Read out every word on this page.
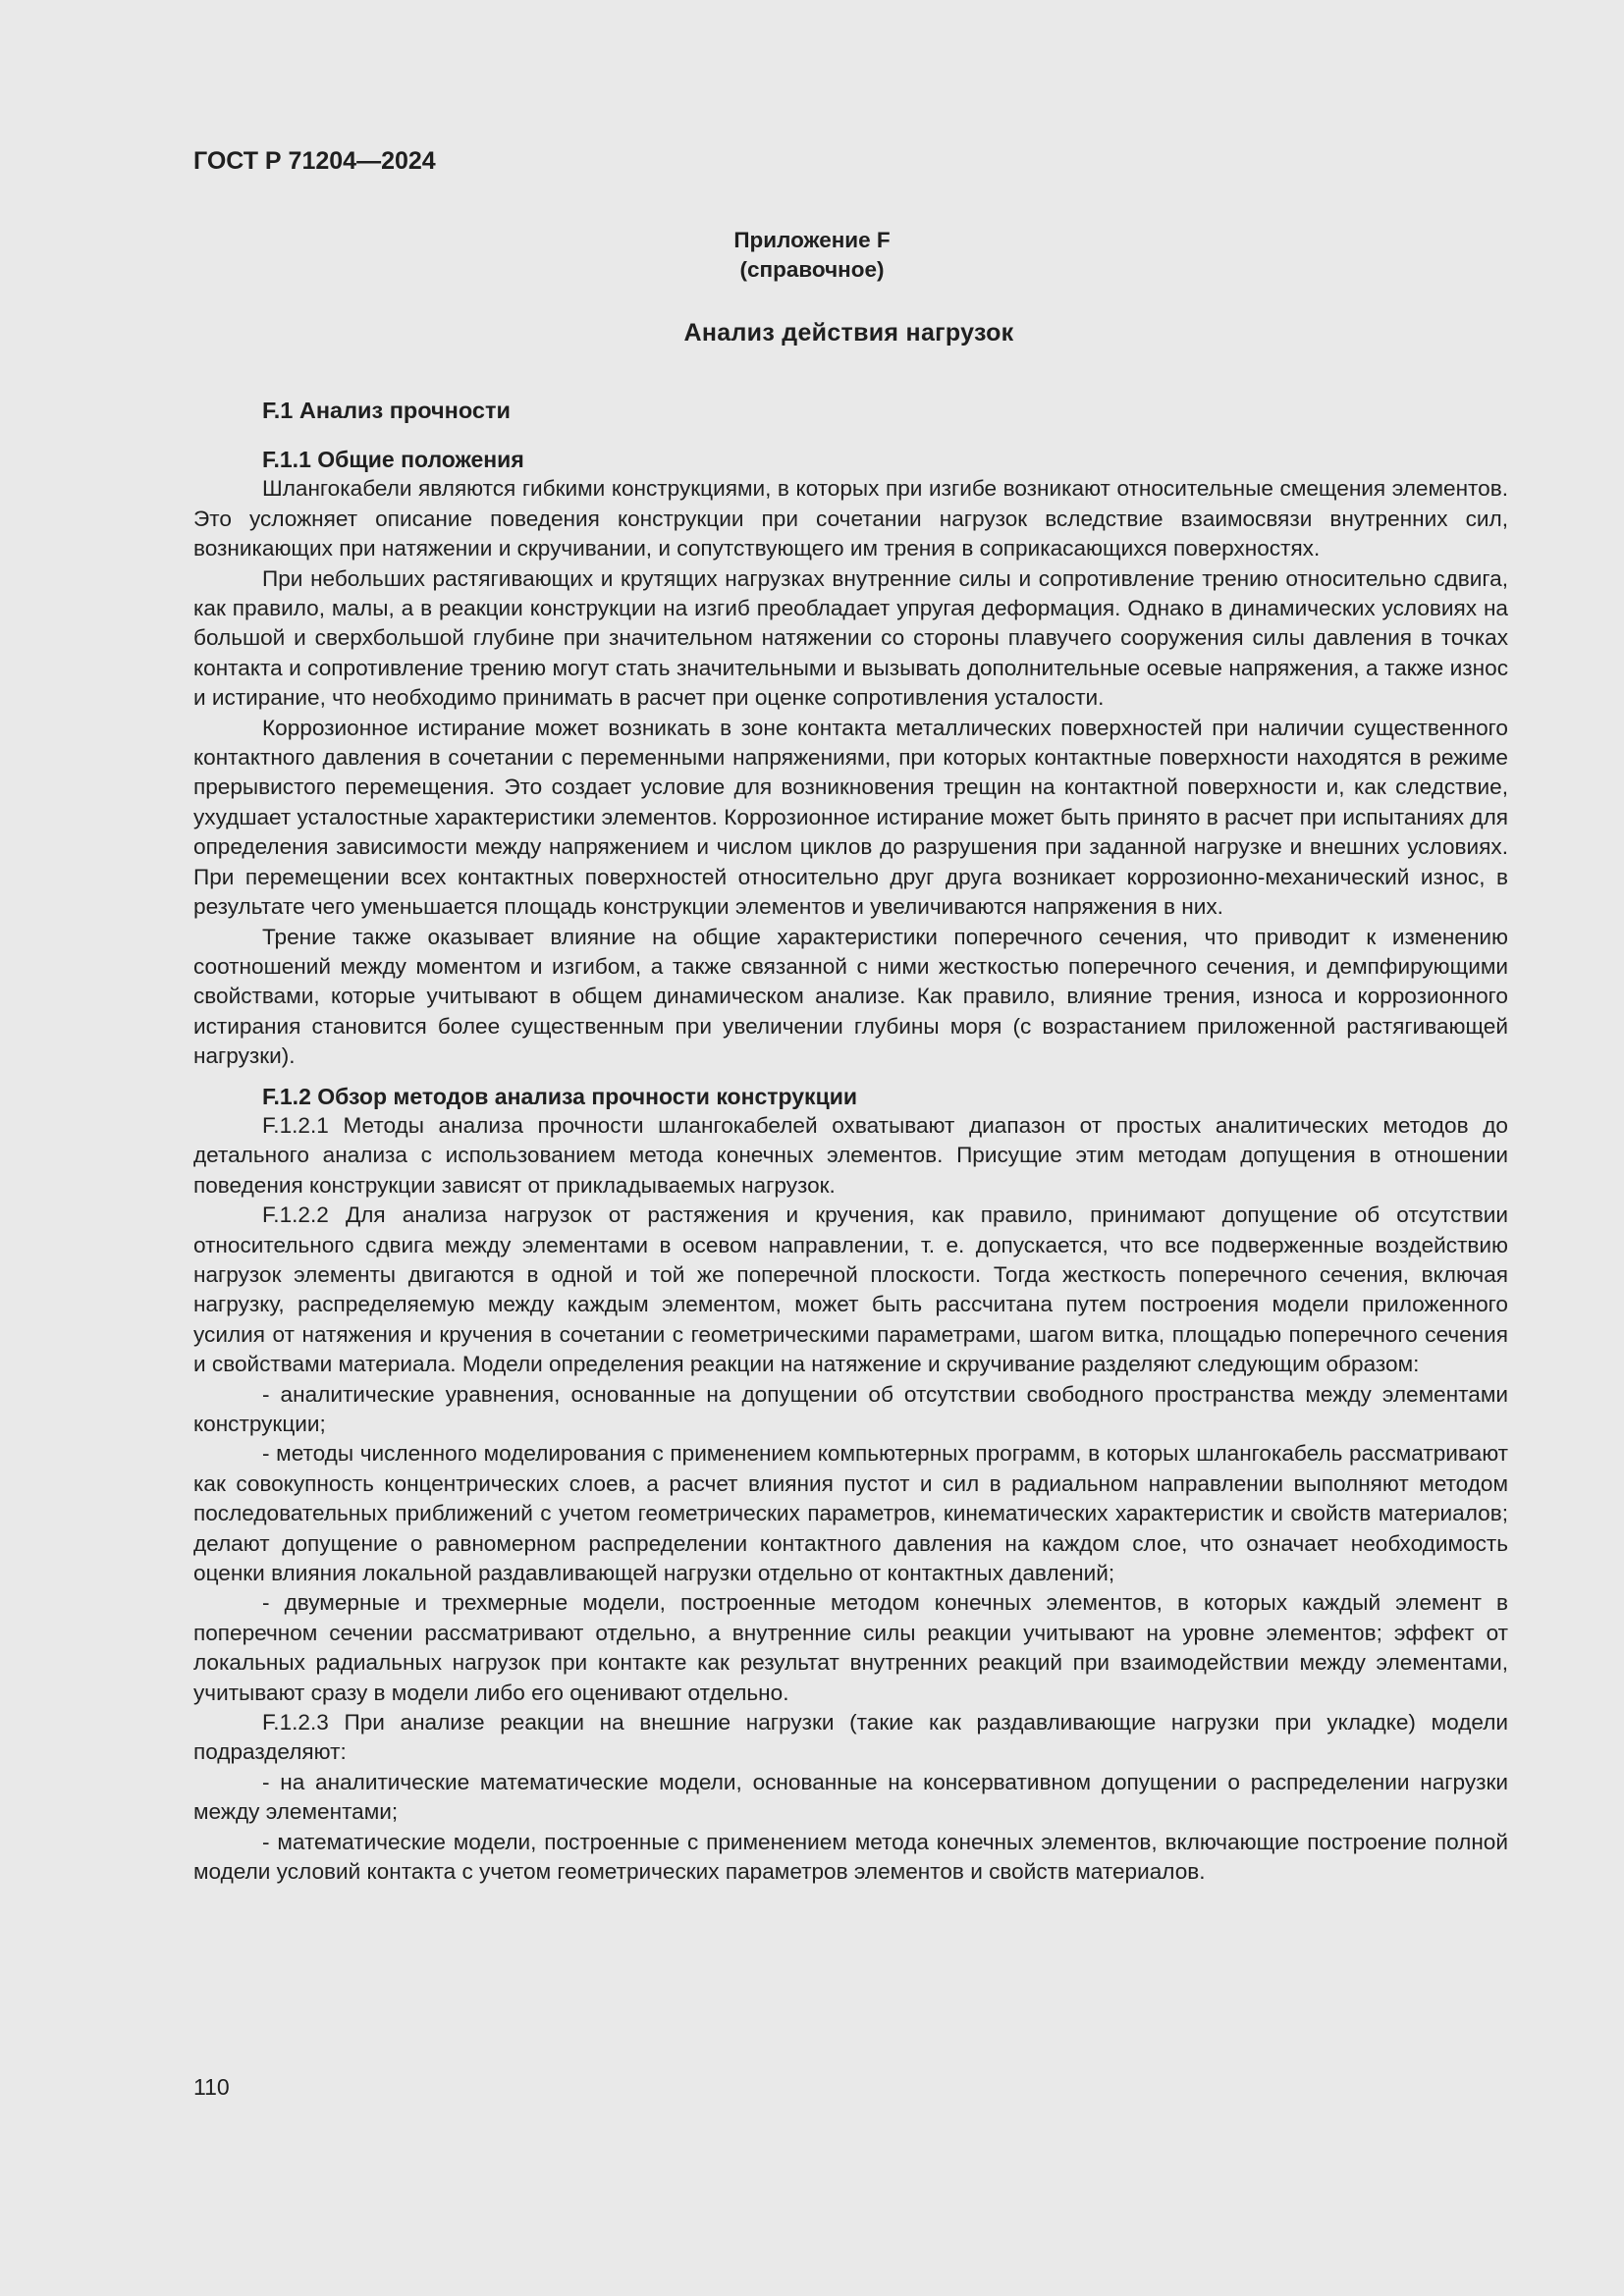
ГОСТ Р 71204—2024
Приложение F
(справочное)
Анализ действия нагрузок
F.1 Анализ прочности
F.1.1 Общие положения

Шлангокабели являются гибкими конструкциями, в которых при изгибе возникают относительные смещения элементов. Это усложняет описание поведения конструкции при сочетании нагрузок вследствие взаимосвязи внутренних сил, возникающих при натяжении и скручивании, и сопутствующего им трения в соприкасающихся поверхностях.

При небольших растягивающих и крутящих нагрузках внутренние силы и сопротивление трению относительно сдвига, как правило, малы, а в реакции конструкции на изгиб преобладает упругая деформация. Однако в динамических условиях на большой и сверхбольшой глубине при значительном натяжении со стороны плавучего сооружения силы давления в точках контакта и сопротивление трению могут стать значительными и вызывать дополнительные осевые напряжения, а также износ и истирание, что необходимо принимать в расчет при оценке сопротивления усталости.

Коррозионное истирание может возникать в зоне контакта металлических поверхностей при наличии существенного контактного давления в сочетании с переменными напряжениями, при которых контактные поверхности находятся в режиме прерывистого перемещения. Это создает условие для возникновения трещин на контактной поверхности и, как следствие, ухудшает усталостные характеристики элементов. Коррозионное истирание может быть принято в расчет при испытаниях для определения зависимости между напряжением и числом циклов до разрушения при заданной нагрузке и внешних условиях. При перемещении всех контактных поверхностей относительно друг друга возникает коррозионно-механический износ, в результате чего уменьшается площадь конструкции элементов и увеличиваются напряжения в них.

Трение также оказывает влияние на общие характеристики поперечного сечения, что приводит к изменению соотношений между моментом и изгибом, а также связанной с ними жесткостью поперечного сечения, и демпфирующими свойствами, которые учитывают в общем динамическом анализе. Как правило, влияние трения, износа и коррозионного истирания становится более существенным при увеличении глубины моря (с возрастанием приложенной растягивающей нагрузки).

F.1.2 Обзор методов анализа прочности конструкции

F.1.2.1 Методы анализа прочности шлангокабелей охватывают диапазон от простых аналитических методов до детального анализа с использованием метода конечных элементов. Присущие этим методам допущения в отношении поведения конструкции зависят от прикладываемых нагрузок.

F.1.2.2 Для анализа нагрузок от растяжения и кручения, как правило, принимают допущение об отсутствии относительного сдвига между элементами в осевом направлении, т. е. допускается, что все подверженные воздействию нагрузок элементы двигаются в одной и той же поперечной плоскости. Тогда жесткость поперечного сечения, включая нагрузку, распределяемую между каждым элементом, может быть рассчитана путем построения модели приложенного усилия от натяжения и кручения в сочетании с геометрическими параметрами, шагом витка, площадью поперечного сечения и свойствами материала. Модели определения реакции на натяжение и скручивание разделяют следующим образом:

- аналитические уравнения, основанные на допущении об отсутствии свободного пространства между элементами конструкции;

- методы численного моделирования с применением компьютерных программ, в которых шлангокабель рассматривают как совокупность концентрических слоев, а расчет влияния пустот и сил в радиальном направлении выполняют методом последовательных приближений с учетом геометрических параметров, кинематических характеристик и свойств материалов; делают допущение о равномерном распределении контактного давления на каждом слое, что означает необходимость оценки влияния локальной раздавливающей нагрузки отдельно от контактных давлений;

- двумерные и трехмерные модели, построенные методом конечных элементов, в которых каждый элемент в поперечном сечении рассматривают отдельно, а внутренние силы реакции учитывают на уровне элементов; эффект от локальных радиальных нагрузок при контакте как результат внутренних реакций при взаимодействии между элементами, учитывают сразу в модели либо его оценивают отдельно.

F.1.2.3 При анализе реакции на внешние нагрузки (такие как раздавливающие нагрузки при укладке) модели подразделяют:

- на аналитические математические модели, основанные на консервативном допущении о распределении нагрузки между элементами;

- математические модели, построенные с применением метода конечных элементов, включающие построение полной модели условий контакта с учетом геометрических параметров элементов и свойств материалов.

110
